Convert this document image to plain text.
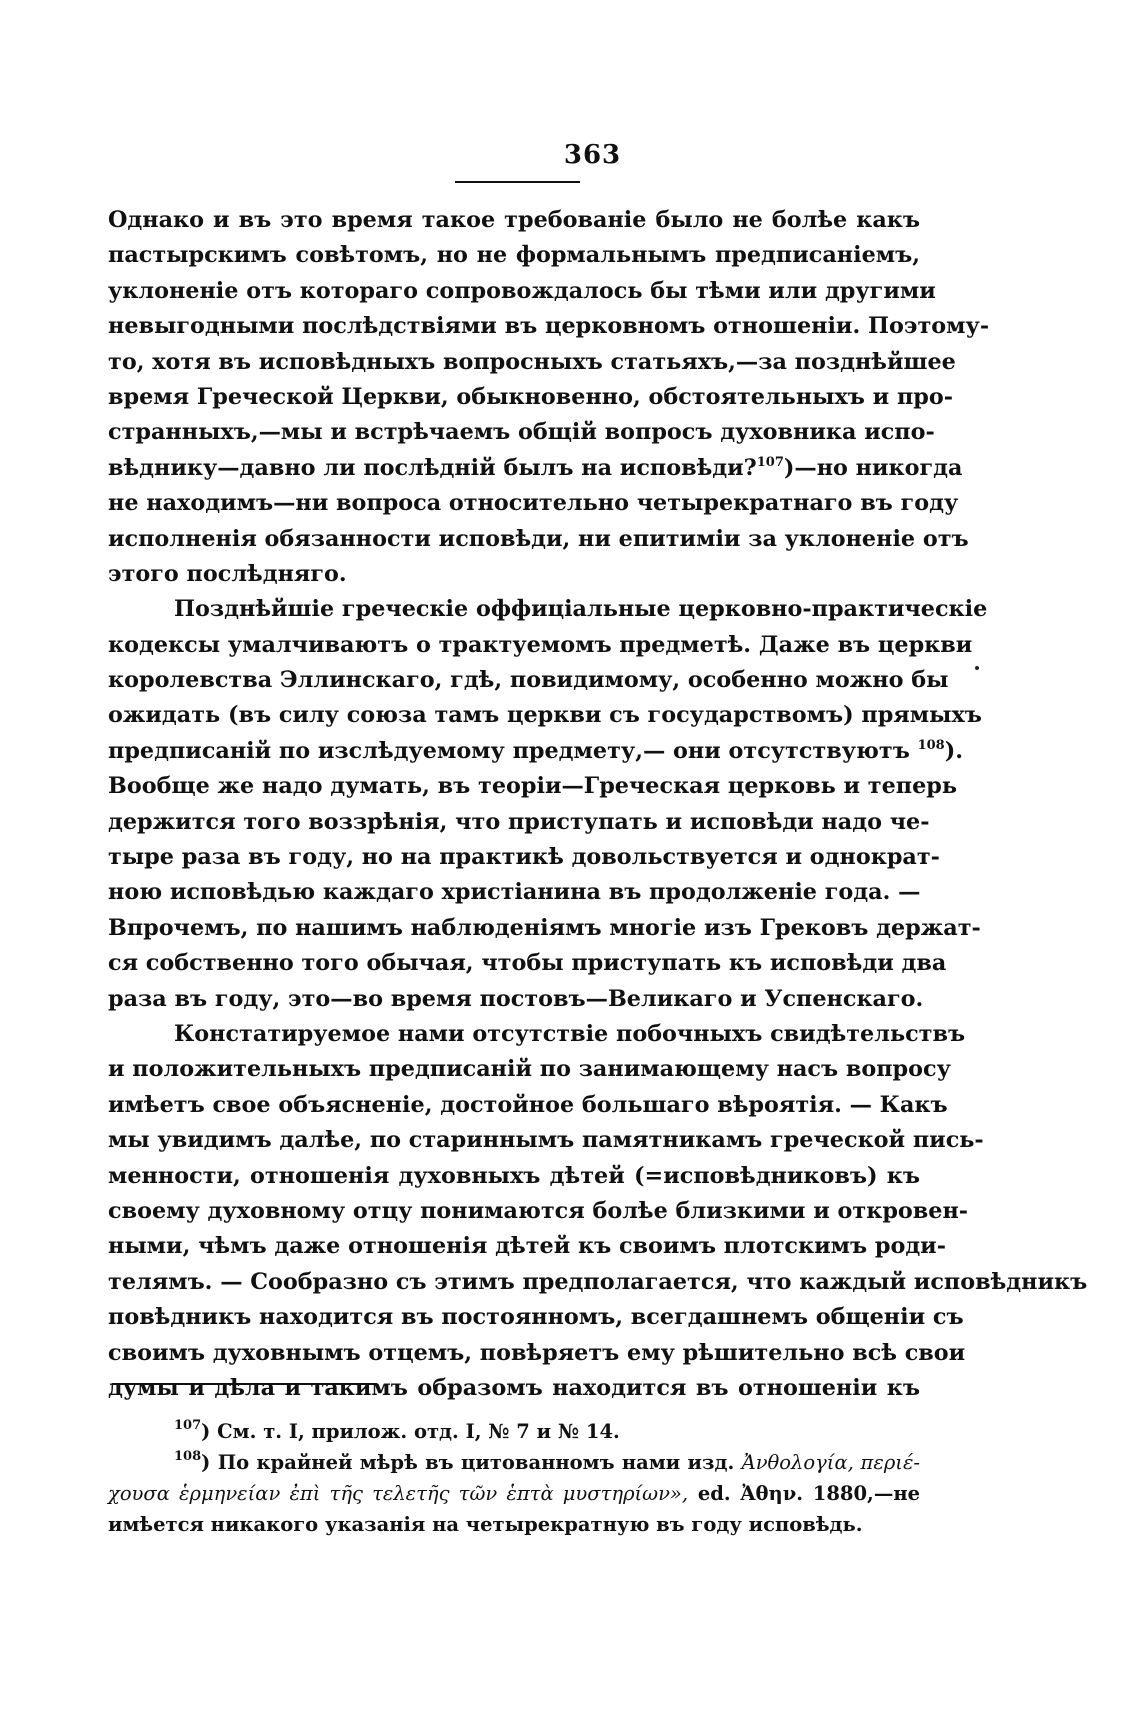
363
Однако и въ это время такое требованіе было не болѣе какъ
пастырскимъ совѣтомъ, но не формальнымъ предписаніемъ,
уклоненіе отъ котораго сопровождалось бы тѣми или другими
невыгодными послѣдствіями въ церковномъ отношеніи. Поэтому-
то, хотя въ исповѣдныхъ вопросныхъ статьяхъ,—за позднѣйшее
время Греческой Церкви, обыкновенно, обстоятельныхъ и про-
странныхъ,—мы и встрѣчаемъ общій вопросъ духовника испо-
вѣднику—давно ли послѣдній былъ на исповѣди?$^{107}$)—но никогда
не находимъ—ни вопроса относительно четырекратнаго въ году
исполненія обязанности исповѣди, ни епитиміи за уклоненіе отъ
этого послѣдняго.
Позднѣйшіе греческіе оффиціальные церковно-практическіе
кодексы умалчиваютъ о трактуемомъ предметѣ. Даже въ церкви
королевства Эллинскаго, гдѣ, повидимому, особенно можно бы
ожидать (въ силу союза тамъ церкви съ государствомъ) прямыхъ
предписаній по изслѣдуемому предмету,— они отсутствуютъ $^{108}$).
Вообще же надо думать, въ теоріи—Греческая церковь и теперь
держится того воззрѣнія, что приступать и исповѣди надо че-
тыре раза въ году, но на практикѣ довольствуется и однократ-
ною исповѣдью каждаго христіанина въ продолженіе года. —
Впрочемъ, по нашимъ наблюденіямъ многіе изъ Грековъ держат-
ся собственно того обычая, чтобы приступать къ исповѣди два
раза въ году, это—во время постовъ—Великаго и Успенскаго.
Констатируемое нами отсутствіе побочныхъ свидѣтельствъ
и положительныхъ предписаній по занимающему насъ вопросу
имѣетъ свое объясненіе, достойное большаго вѣроятія. — Какъ
мы увидимъ далѣе, по стариннымъ памятникамъ греческой пись-
менности, отношенія духовныхъ дѣтей (=исповѣдниковъ) къ
своему духовному отцу понимаются болѣе близкими и откровен-
ными, чѣмъ даже отношенія дѣтей къ своимъ плотскимъ роди-
телямъ. — Сообразно съ этимъ предполагается, что каждый исповѣдникъ
повѣдникъ находится въ постоянномъ, всегдашнемъ общеніи съ
своимъ духовнымъ отцемъ, повѣряетъ ему рѣшительно всѣ свои
думы и дѣла и такимъ образомъ находится въ отношеніи къ
$^{107}$) См. т. I, прилож. отд. I, № 7 и № 14.
$^{108}$) По крайней мѣрѣ въ цитованномъ нами изд. Ἀνθολογία, περιέ-
χουσα ἑρμηνείαν ἐπὶ τῆς τελετῆς τῶν ἑπτὰ μυστηρίων», ed. Ἀθην. 1880,—не
имѣется никакого указанія на четырекратную въ году исповѣдь.
